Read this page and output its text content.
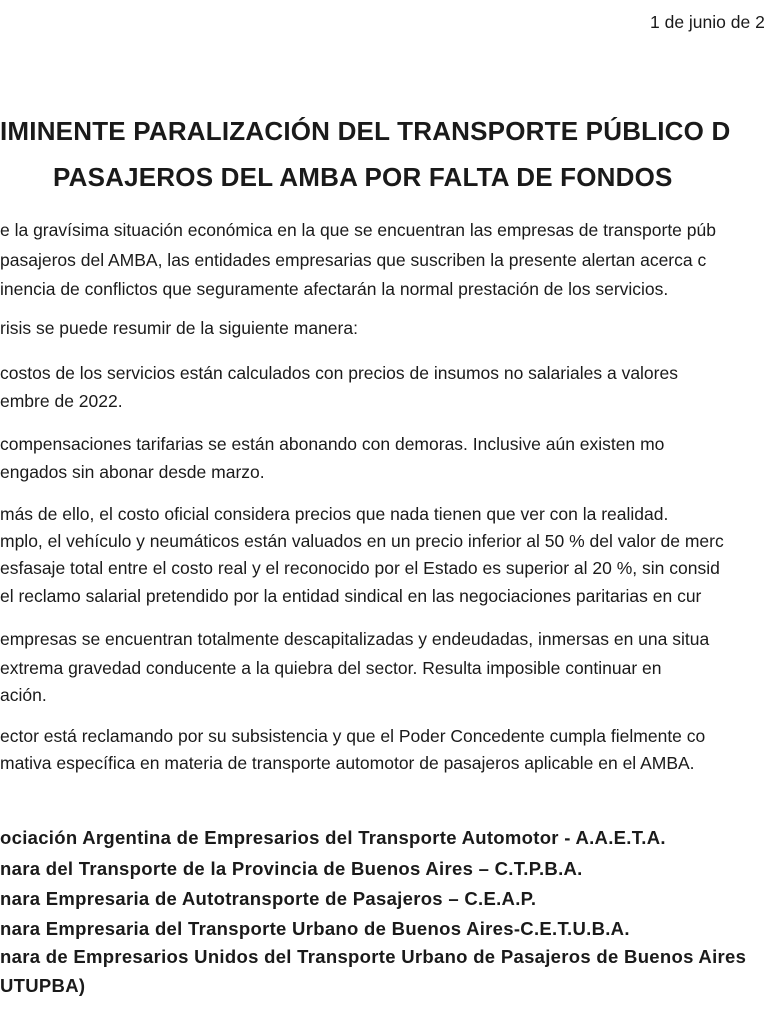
1 de junio de 2
IMINENTE PARALIZACIÓN DEL TRANSPORTE PÚBLICO D
PASAJEROS DEL AMBA POR FALTA DE FONDOS
e la gravísima situación económica en la que se encuentran las empresas de transporte púb
pasajeros del AMBA, las entidades empresarias que suscriben la presente alertan acerca c
inencia de conflictos que seguramente afectarán la normal prestación de los servicios.
risis se puede resumir de la siguiente manera:
costos de los servicios están calculados con precios de insumos no salariales a valores
embre de 2022.
compensaciones tarifarias se están abonando con demoras. Inclusive aún existen mo
engados sin abonar desde marzo.
más de ello, el costo oficial considera precios que nada tienen que ver con la realidad.
mplo, el vehículo y neumáticos están valuados en un precio inferior al 50 % del valor de merc
esfasaje total entre el costo real y el reconocido por el Estado es superior al 20 %, sin consid
el reclamo salarial pretendido por la entidad sindical en las negociaciones paritarias en cur
empresas se encuentran totalmente descapitalizadas y endeudadas, inmersas en una situa
extrema gravedad conducente a la quiebra del sector. Resulta imposible continuar en
ación.
ector está reclamando por su subsistencia y que el Poder Concedente cumpla fielmente co
mativa específica en materia de transporte automotor de pasajeros aplicable en el AMBA.
ociación Argentina de Empresarios del Transporte Automotor - A.A.E.T.A.
nara del Transporte de la Provincia de Buenos Aires – C.T.P.B.A.
nara Empresaria de Autotransporte de Pasajeros – C.E.A.P.
nara Empresaria del Transporte Urbano de Buenos Aires-C.E.T.U.B.A.
nara de Empresarios Unidos del Transporte Urbano de Pasajeros de Buenos Aires
UTUPBA)
